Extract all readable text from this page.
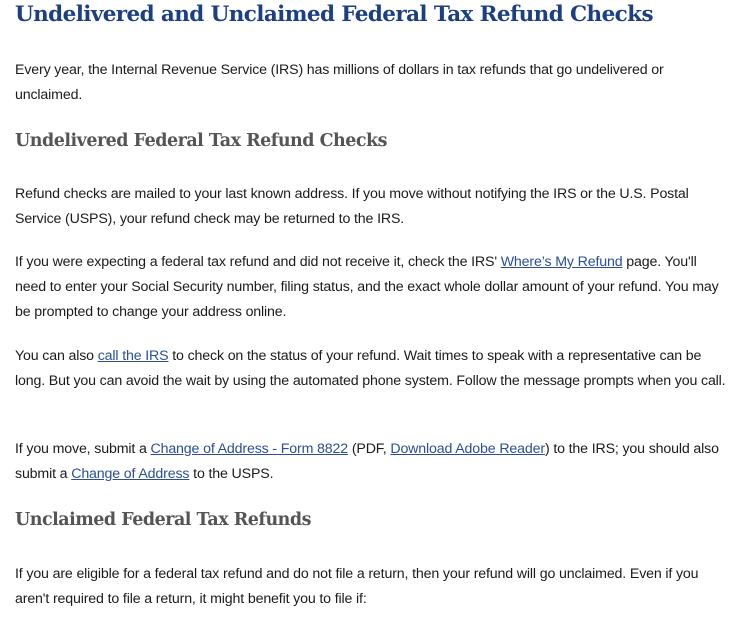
Undelivered and Unclaimed Federal Tax Refund Checks

Every year, the Internal Revenue Service (IRS) has millions of dollars in tax refunds that go undelivered or unclaimed.

Undelivered Federal Tax Refund Checks

Refund checks are mailed to your last known address. If you move without notifying the IRS or the U.S. Postal Service (USPS), your refund check may be returned to the IRS.

If you were expecting a federal tax refund and did not receive it, check the IRS' Where’s My Refund page. You'll need to enter your Social Security number, filing status, and the exact whole dollar amount of your refund. You may be prompted to change your address online.

You can also call the IRS to check on the status of your refund. Wait times to speak with a representative can be long. But you can avoid the wait by using the automated phone system. Follow the message prompts when you call.

If you move, submit a Change of Address - Form 8822 (PDF, Download Adobe Reader) to the IRS; you should also submit a Change of Address to the USPS.

Unclaimed Federal Tax Refunds

If you are eligible for a federal tax refund and do not file a return, then your refund will go unclaimed. Even if you aren't required to file a return, it might benefit you to file if:
